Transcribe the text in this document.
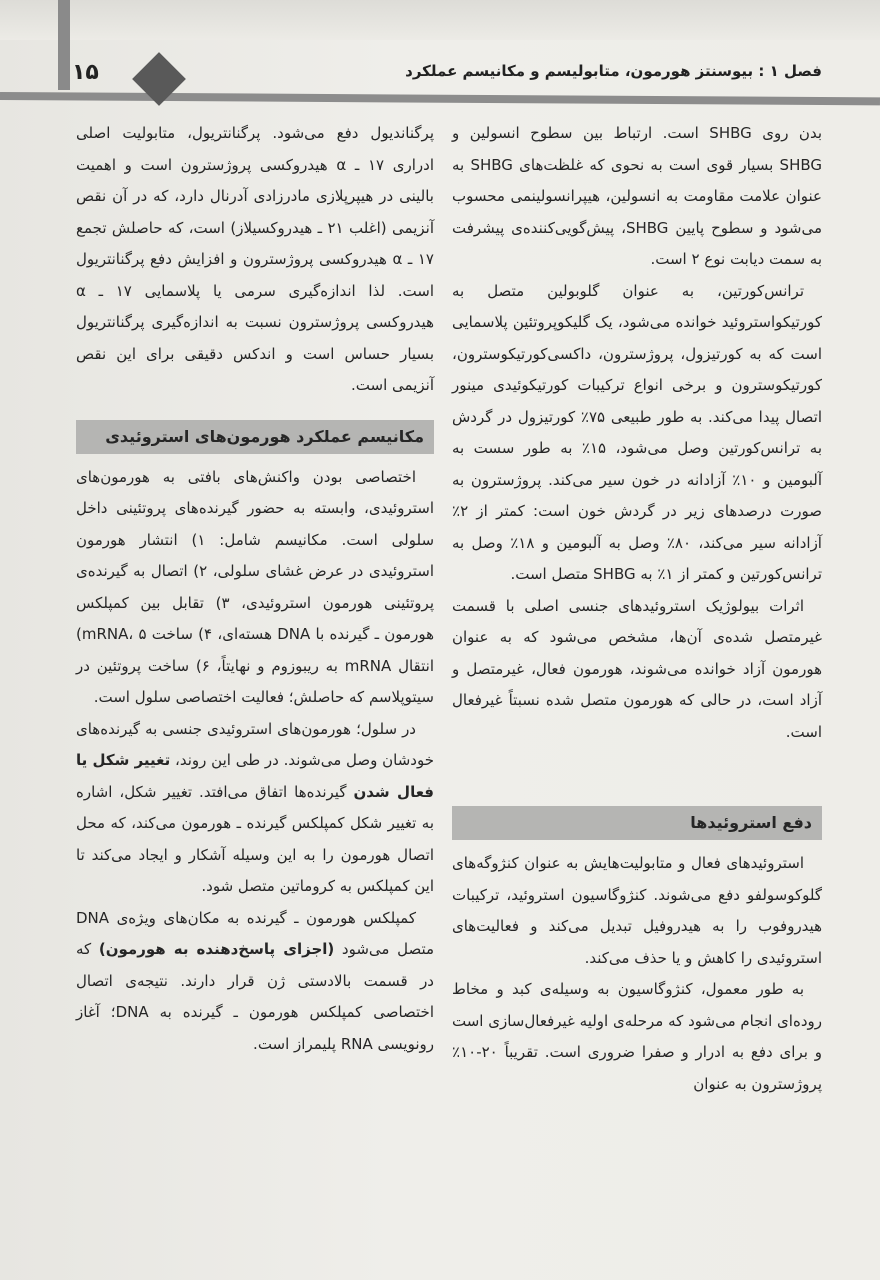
۱۵	فصل ۱ : بیوسنتز هورمون، متابولیسم و مکانیسم عملکرد

بدن روی SHBG است. ارتباط بین سطوح انسولین و SHBG بسیار قوی است به نحوی که غلظت‌های SHBG به عنوان علامت مقاومت به انسولین، هیپرانسولینمی محسوب می‌شود و سطوح پایین SHBG، پیش‌گویی‌کننده‌ی پیشرفت به سمت دیابت نوع ۲ است.

ترانس‌کورتین، به عنوان گلوبولین متصل به کورتیکواستروئید خوانده می‌شود، یک گلیکوپروتئین پلاسمایی است که به کورتیزول، پروژسترون، داکسی‌کورتیکوسترون، کورتیکوسترون و برخی انواع ترکیبات کورتیکوئیدی مینور اتصال پیدا می‌کند. به طور طبیعی ۷۵٪ کورتیزول در گردش به ترانس‌کورتین وصل می‌شود، ۱۵٪ به طور سست به آلبومین و ۱۰٪ آزادانه در خون سیر می‌کند. پروژسترون به صورت درصدهای زیر در گردش خون است: کمتر از ۲٪ آزادانه سیر می‌کند، ۸۰٪ وصل به آلبومین و ۱۸٪ وصل به ترانس‌کورتین و کمتر از ۱٪ به SHBG متصل است.

اثرات بیولوژیک استروئیدهای جنسی اصلی با قسمت غیرمتصل شده‌ی آن‌ها، مشخص می‌شود که به عنوان هورمون آزاد خوانده می‌شوند، هورمون فعال، غیرمتصل و آزاد است، در حالی که هورمون متصل شده نسبتاً غیرفعال است.

دفع استروئیدها

استروئیدهای فعال و متابولیت‌هایش به عنوان کنژوگه‌های گلوکوسولفو دفع می‌شوند. کنژوگاسیون استروئید، ترکیبات هیدروفوب را به هیدروفیل تبدیل می‌کند و فعالیت‌های استروئیدی را کاهش و یا حذف می‌کند.

به طور معمول، کنژوگاسیون به وسیله‌ی کبد و مخاط روده‌ای انجام می‌شود که مرحله‌ی اولیه غیرفعال‌سازی است و برای دفع به ادرار و صفرا ضروری است. تقریباً ۲۰-۱۰٪ پروژسترون به عنوان

پرگناندیول دفع می‌شود. پرگنانتریول، متابولیت اصلی ادراری ۱۷ ـ α هیدروکسی پروژسترون است و اهمیت بالینی در هیپرپلازی مادرزادی آدرنال دارد، که در آن نقص آنزیمی (اغلب ۲۱ ـ هیدروکسیلاز) است، که حاصلش تجمع ۱۷ ـ α هیدروکسی پروژسترون و افزایش دفع پرگنانتریول است. لذا اندازه‌گیری سرمی یا پلاسمایی ۱۷ ـ α هیدروکسی پروژسترون نسبت به اندازه‌گیری پرگنانتریول بسیار حساس است و اندکس دقیقی برای این نقص آنزیمی است.

مکانیسم عملکرد هورمون‌های استروئیدی

اختصاصی بودن واکنش‌های بافتی به هورمون‌های استروئیدی، وابسته به حضور گیرنده‌های پروتئینی داخل سلولی است. مکانیسم شامل: ۱) انتشار هورمون استروئیدی در عرض غشای سلولی، ۲) اتصال به گیرنده‌ی پروتئینی هورمون استروئیدی، ۳) تقابل بین کمپلکس هورمون ـ گیرنده با DNA هسته‌ای، ۴) ساخت mRNA، ۵) انتقال mRNA به ریبوزوم و نهایتاً، ۶) ساخت پروتئین در سیتوپلاسم که حاصلش؛ فعالیت اختصاصی سلول است.

در سلول؛ هورمون‌های استروئیدی جنسی به گیرنده‌های خودشان وصل می‌شوند. در طی این روند، تغییر شکل یا فعال شدن گیرنده‌ها اتفاق می‌افتد. تغییر شکل، اشاره به تغییر شکل کمپلکس گیرنده ـ هورمون می‌کند، که محل اتصال هورمون را به این وسیله آشکار و ایجاد می‌کند تا این کمپلکس به کروماتین متصل شود.

کمپلکس هورمون ـ گیرنده به مکان‌های ویژه‌ی DNA متصل می‌شود (اجزای پاسخ‌دهنده به هورمون) که در قسمت بالادستی ژن قرار دارند. نتیجه‌ی اتصال اختصاصی کمپلکس هورمون ـ گیرنده به DNA؛ آغاز رونویسی RNA پلیمراز است.
